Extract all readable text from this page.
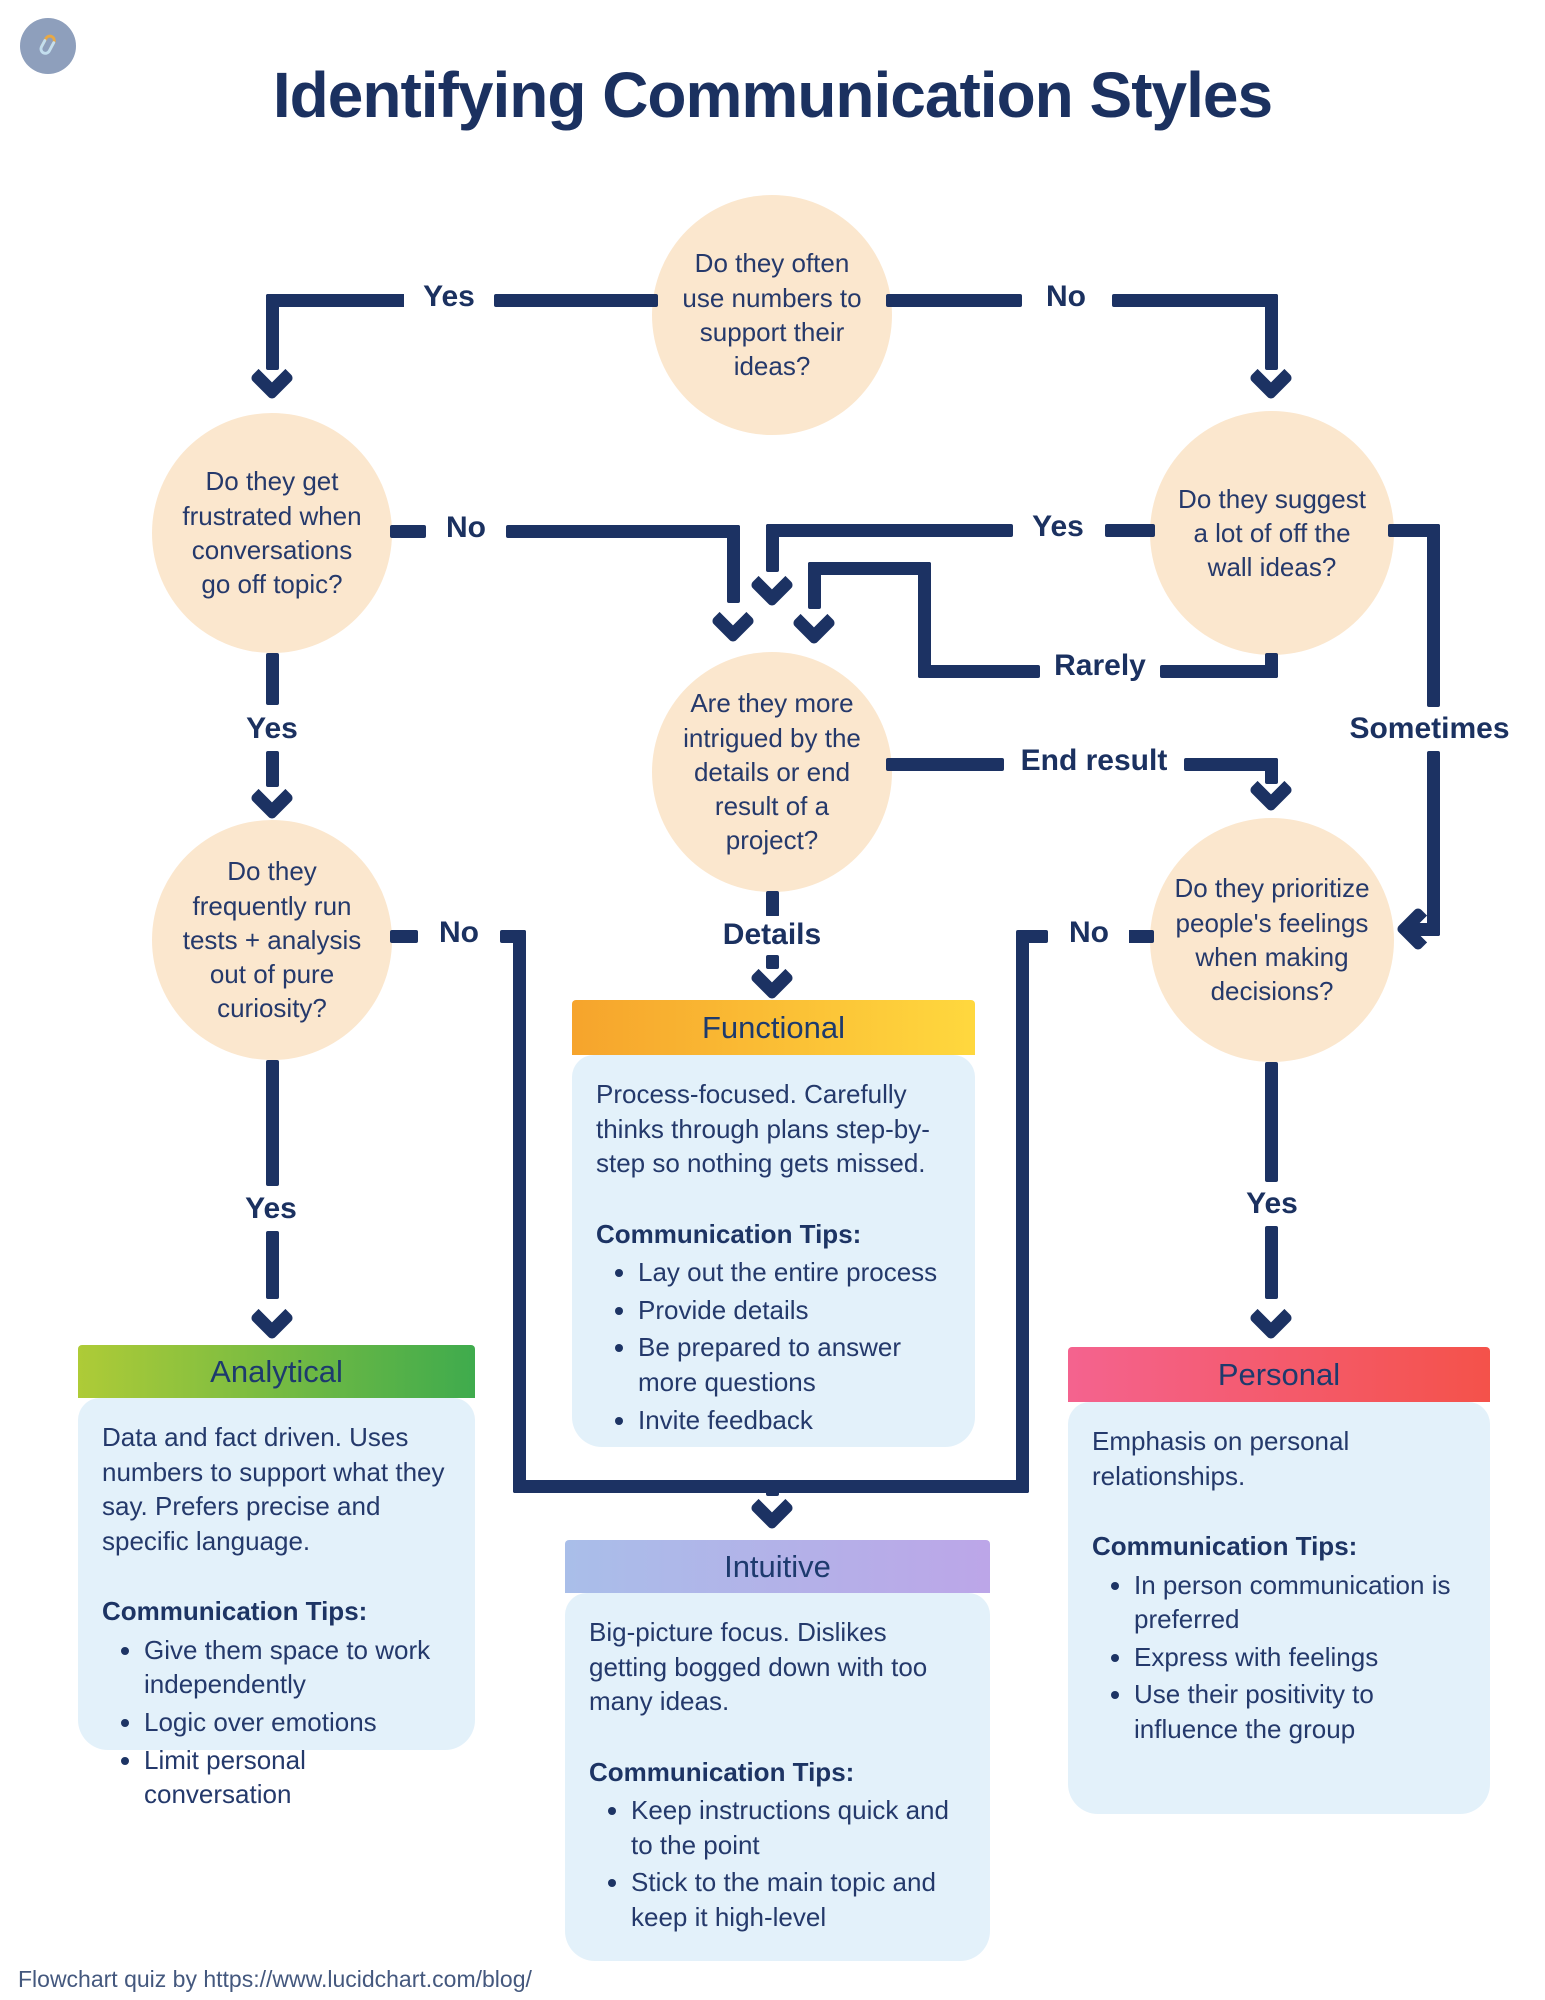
Identifying Communication Styles
Do they often use numbers to support their ideas?
Do they get frustrated when conversations go off topic?
Do they suggest a lot of off the wall ideas?
Are they more intrigued by the details or end result of a project?
Do they frequently run tests + analysis out of pure curiosity?
Do they prioritize people's feelings when making decisions?
Yes	No
No	Yes
Rarely
Sometimes
End result
Details
Yes
Yes	Yes
No	No
Analytical

Data and fact driven. Uses numbers to support what they say. Prefers precise and specific language.

Communication Tips:

• Give them space to work independently
• Logic over emotions
• Limit personal conversation
Functional

Process-focused. Carefully thinks through plans step-by-step so nothing gets missed.

Communication Tips:

• Lay out the entire process
• Provide details
• Be prepared to answer more questions
• Invite feedback
Intuitive

Big-picture focus. Dislikes getting bogged down with too many ideas.

Communication Tips:

• Keep instructions quick and to the point
• Stick to the main topic and keep it high-level
Personal

Emphasis on personal relationships.

Communication Tips:

• In person communication is preferred
• Express with feelings
• Use their positivity to influence the group
Flowchart quiz by https://www.lucidchart.com/blog/
